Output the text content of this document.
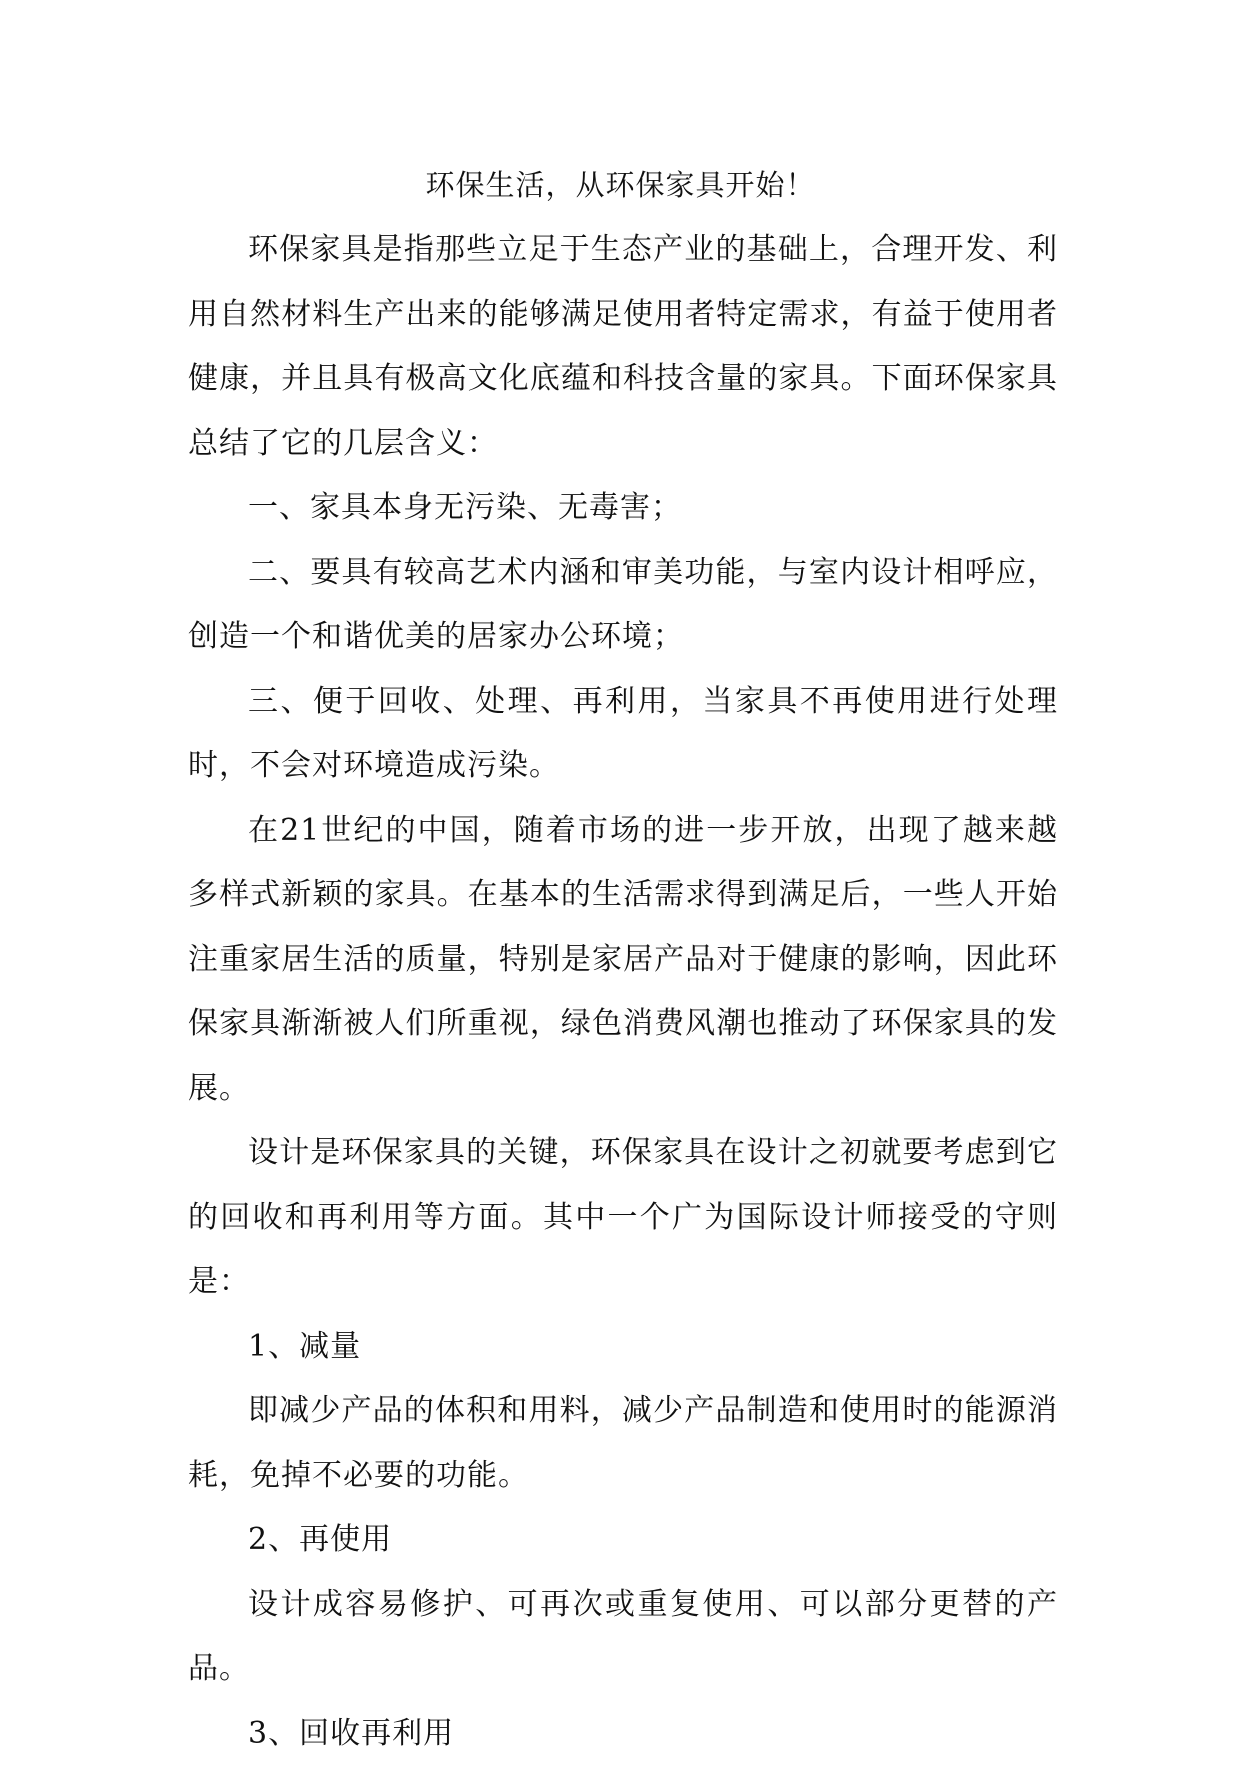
环保生活，从环保家具开始！

环保家具是指那些立足于生态产业的基础上，合理开发、利用自然材料生产出来的能够满足使用者特定需求，有益于使用者健康，并且具有极高文化底蕴和科技含量的家具。下面环保家具总结了它的几层含义：

一、家具本身无污染、无毒害；

二、要具有较高艺术内涵和审美功能，与室内设计相呼应，创造一个和谐优美的居家办公环境；

三、便于回收、处理、再利用，当家具不再使用进行处理时，不会对环境造成污染。

在21世纪的中国，随着市场的进一步开放，出现了越来越多样式新颖的家具。在基本的生活需求得到满足后，一些人开始注重家居生活的质量，特别是家居产品对于健康的影响，因此环保家具渐渐被人们所重视，绿色消费风潮也推动了环保家具的发展。

设计是环保家具的关键，环保家具在设计之初就要考虑到它的回收和再利用等方面。其中一个广为国际设计师接受的守则是：

1、减量

即减少产品的体积和用料，减少产品制造和使用时的能源消耗，免掉不必要的功能。

2、再使用

设计成容易修护、可再次或重复使用、可以部分更替的产品。

3、回收再利用
